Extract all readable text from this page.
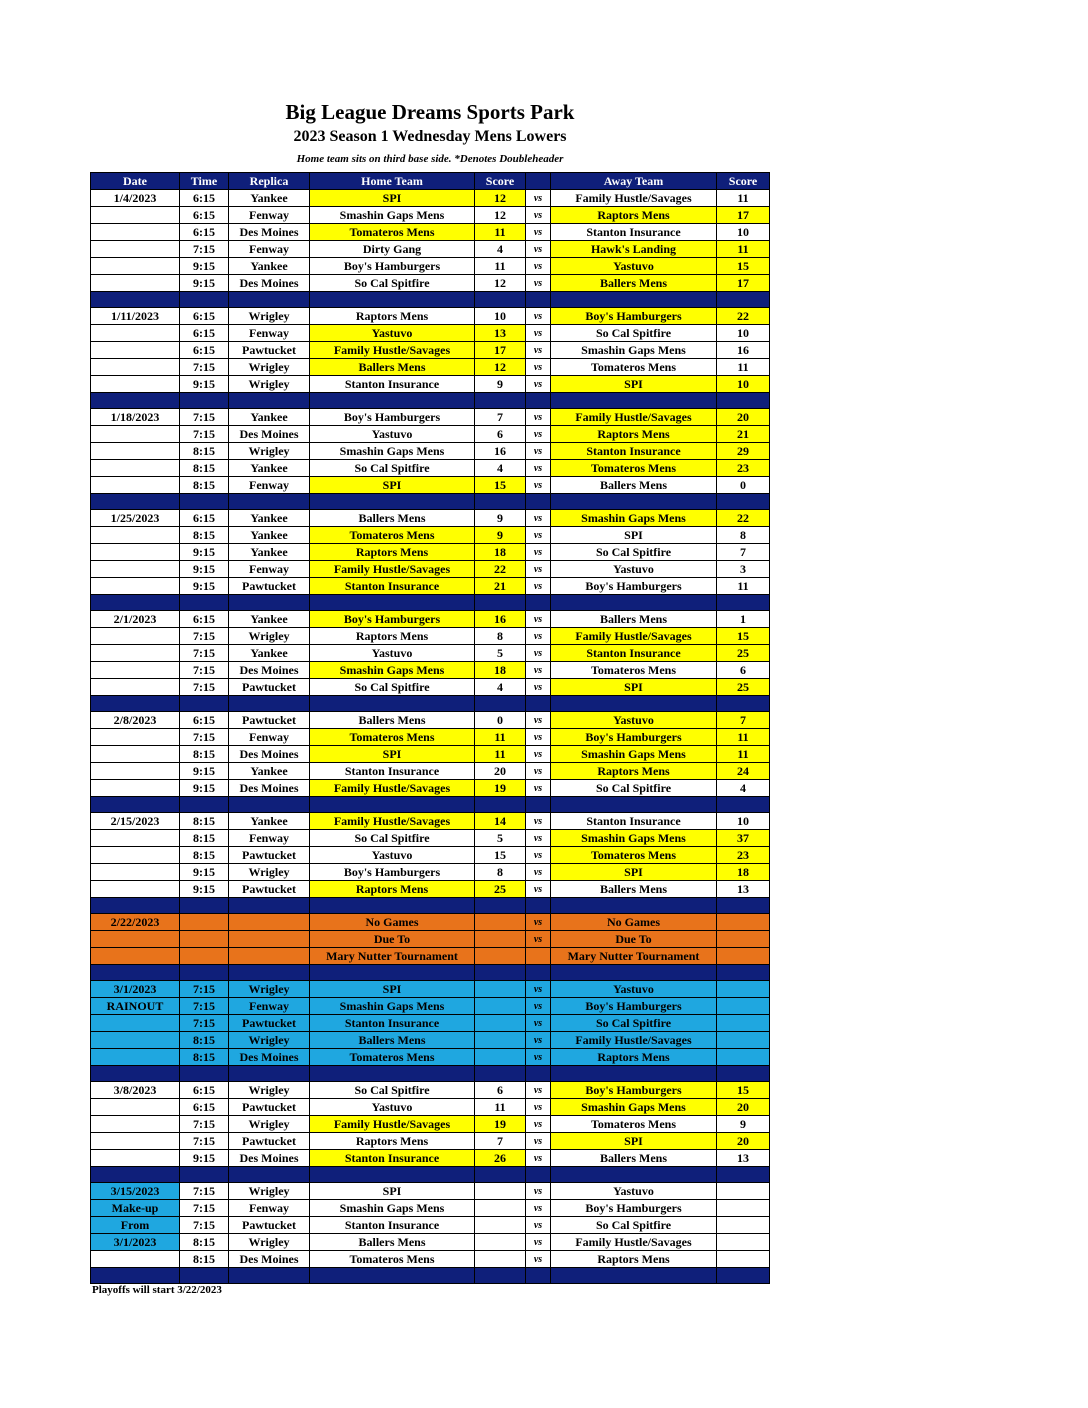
Big League Dreams Sports Park
2023 Season 1 Wednesday Mens Lowers
Home team sits on third base side. *Denotes Doubleheader
Date	Time	Replica	Home Team	Score		Away Team	Score
1/4/2023	6:15	Yankee	SPI	12	vs	Family Hustle/Savages	11
	6:15	Fenway	Smashin Gaps Mens	12	vs	Raptors Mens	17
	6:15	Des Moines	Tomateros Mens	11	vs	Stanton Insurance	10
	7:15	Fenway	Dirty Gang	4	vs	Hawk's Landing	11
	9:15	Yankee	Boy's Hamburgers	11	vs	Yastuvo	15
	9:15	Des Moines	So Cal Spitfire	12	vs	Ballers Mens	17

1/11/2023	6:15	Wrigley	Raptors Mens	10	vs	Boy's Hamburgers	22
	6:15	Fenway	Yastuvo	13	vs	So Cal Spitfire	10
	6:15	Pawtucket	Family Hustle/Savages	17	vs	Smashin Gaps Mens	16
	7:15	Wrigley	Ballers Mens	12	vs	Tomateros Mens	11
	9:15	Wrigley	Stanton Insurance	9	vs	SPI	10

1/18/2023	7:15	Yankee	Boy's Hamburgers	7	vs	Family Hustle/Savages	20
	7:15	Des Moines	Yastuvo	6	vs	Raptors Mens	21
	8:15	Wrigley	Smashin Gaps Mens	16	vs	Stanton Insurance	29
	8:15	Yankee	So Cal Spitfire	4	vs	Tomateros Mens	23
	8:15	Fenway	SPI	15	vs	Ballers Mens	0

1/25/2023	6:15	Yankee	Ballers Mens	9	vs	Smashin Gaps Mens	22
	8:15	Yankee	Tomateros Mens	9	vs	SPI	8
	9:15	Yankee	Raptors Mens	18	vs	So Cal Spitfire	7
	9:15	Fenway	Family Hustle/Savages	22	vs	Yastuvo	3
	9:15	Pawtucket	Stanton Insurance	21	vs	Boy's Hamburgers	11

2/1/2023	6:15	Yankee	Boy's Hamburgers	16	vs	Ballers Mens	1
	7:15	Wrigley	Raptors Mens	8	vs	Family Hustle/Savages	15
	7:15	Yankee	Yastuvo	5	vs	Stanton Insurance	25
	7:15	Des Moines	Smashin Gaps Mens	18	vs	Tomateros Mens	6
	7:15	Pawtucket	So Cal Spitfire	4	vs	SPI	25

2/8/2023	6:15	Pawtucket	Ballers Mens	0	vs	Yastuvo	7
	7:15	Fenway	Tomateros Mens	11	vs	Boy's Hamburgers	11
	8:15	Des Moines	SPI	11	vs	Smashin Gaps Mens	11
	9:15	Yankee	Stanton Insurance	20	vs	Raptors Mens	24
	9:15	Des Moines	Family Hustle/Savages	19	vs	So Cal Spitfire	4

2/15/2023	8:15	Yankee	Family Hustle/Savages	14	vs	Stanton Insurance	10
	8:15	Fenway	So Cal Spitfire	5	vs	Smashin Gaps Mens	37
	8:15	Pawtucket	Yastuvo	15	vs	Tomateros Mens	23
	9:15	Wrigley	Boy's Hamburgers	8	vs	SPI	18
	9:15	Pawtucket	Raptors Mens	25	vs	Ballers Mens	13

2/22/2023			No Games		vs	No Games	
			Due To		vs	Due To	
			Mary Nutter Tournament			Mary Nutter Tournament	

3/1/2023	7:15	Wrigley	SPI		vs	Yastuvo	
RAINOUT	7:15	Fenway	Smashin Gaps Mens		vs	Boy's Hamburgers	
	7:15	Pawtucket	Stanton Insurance		vs	So Cal Spitfire	
	8:15	Wrigley	Ballers Mens		vs	Family Hustle/Savages	
	8:15	Des Moines	Tomateros Mens		vs	Raptors Mens	

3/8/2023	6:15	Wrigley	So Cal Spitfire	6	vs	Boy's Hamburgers	15
	6:15	Pawtucket	Yastuvo	11	vs	Smashin Gaps Mens	20
	7:15	Wrigley	Family Hustle/Savages	19	vs	Tomateros Mens	9
	7:15	Pawtucket	Raptors Mens	7	vs	SPI	20
	9:15	Des Moines	Stanton Insurance	26	vs	Ballers Mens	13

3/15/2023	7:15	Wrigley	SPI		vs	Yastuvo	
Make-up	7:15	Fenway	Smashin Gaps Mens		vs	Boy's Hamburgers	
From	7:15	Pawtucket	Stanton Insurance		vs	So Cal Spitfire	
3/1/2023	8:15	Wrigley	Ballers Mens		vs	Family Hustle/Savages	
	8:15	Des Moines	Tomateros Mens		vs	Raptors Mens	

Playoffs will start 3/22/2023
